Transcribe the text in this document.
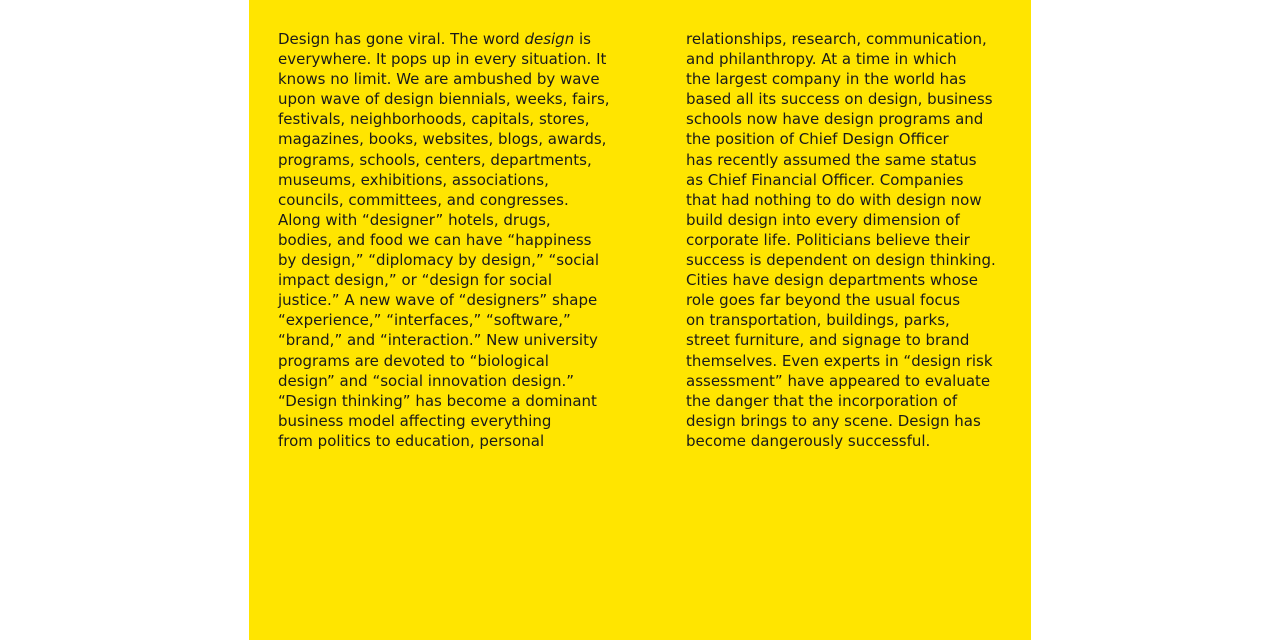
Design has gone viral. The word design is
everywhere. It pops up in every situation. It
knows no limit. We are ambushed by wave
upon wave of design biennials, weeks, fairs,
festivals, neighborhoods, capitals, stores,
magazines, books, websites, blogs, awards,
programs, schools, centers, departments,
museums, exhibitions, associations,
councils, committees, and congresses.
Along with “designer” hotels, drugs,
bodies, and food we can have “happiness
by design,” “diplomacy by design,” “social
impact design,” or “design for social
justice.” A new wave of “designers” shape
“experience,” “interfaces,” “software,”
“brand,” and “interaction.” New university
programs are devoted to “biological
design” and “social innovation design.”
“Design thinking” has become a dominant
business model affecting everything
from politics to education, personal
relationships, research, communication,
and philanthropy. At a time in which
the largest company in the world has
based all its success on design, business
schools now have design programs and
the position of Chief Design Officer
has recently assumed the same status
as Chief Financial Officer. Companies
that had nothing to do with design now
build design into every dimension of
corporate life. Politicians believe their
success is dependent on design thinking.
Cities have design departments whose
role goes far beyond the usual focus
on transportation, buildings, parks,
street furniture, and signage to brand
themselves. Even experts in “design risk
assessment” have appeared to evaluate
the danger that the incorporation of
design brings to any scene. Design has
become dangerously successful.
